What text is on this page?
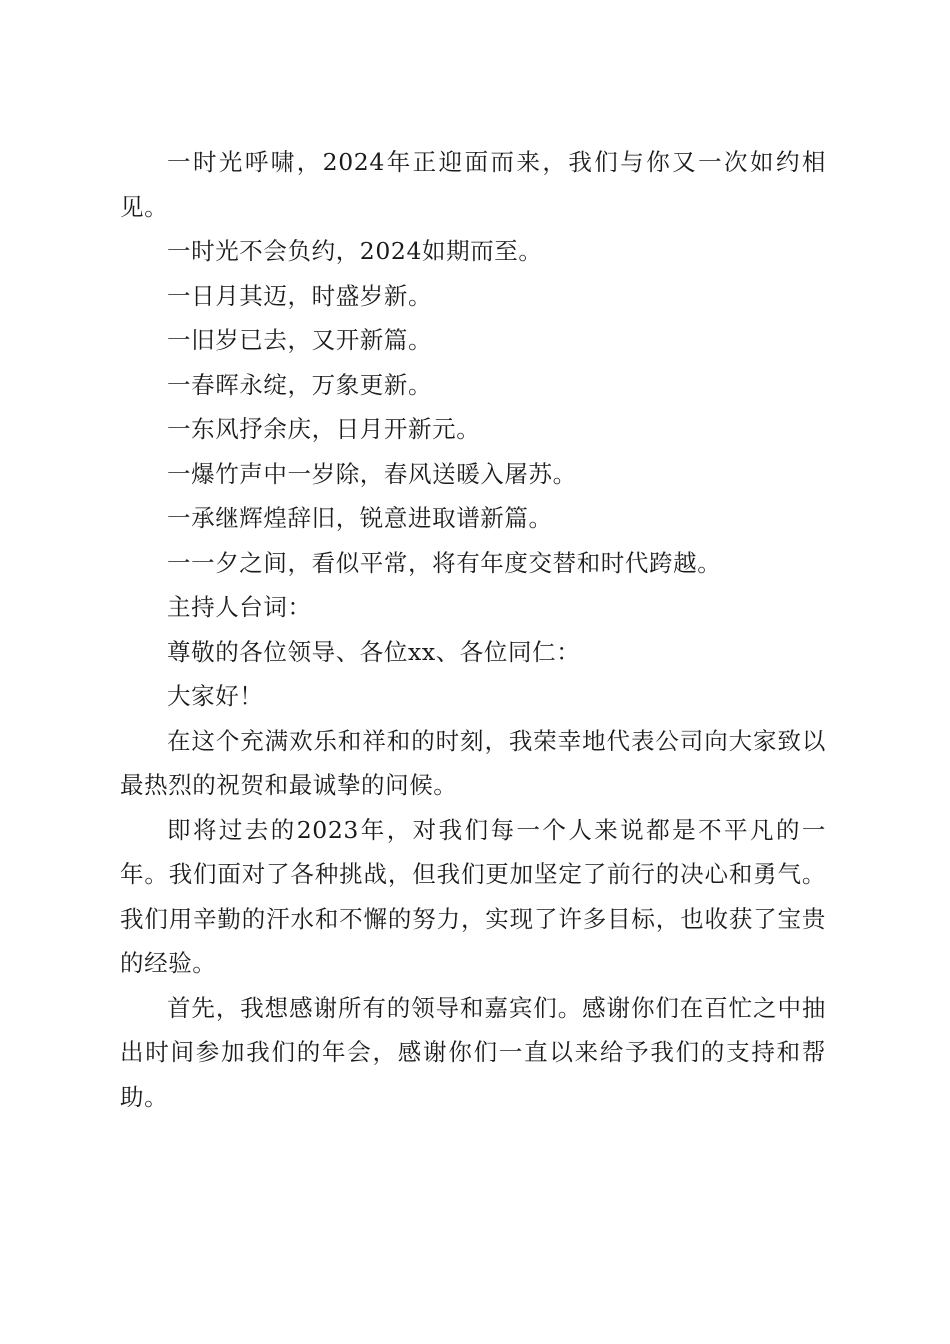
一时光呼啸，2024年正迎面而来，我们与你又一次如约相见。

一时光不会负约，2024如期而至。

一日月其迈，时盛岁新。

一旧岁已去，又开新篇。

一春晖永绽，万象更新。

一东风抒余庆，日月开新元。

一爆竹声中一岁除，春风送暖入屠苏。

一承继辉煌辞旧，锐意进取谱新篇。

一一夕之间，看似平常，将有年度交替和时代跨越。

主持人台词：

尊敬的各位领导、各位xx、各位同仁：

大家好！

在这个充满欢乐和祥和的时刻，我荣幸地代表公司向大家致以最热烈的祝贺和最诚挚的问候。

即将过去的2023年，对我们每一个人来说都是不平凡的一年。我们面对了各种挑战，但我们更加坚定了前行的决心和勇气。我们用辛勤的汗水和不懈的努力，实现了许多目标，也收获了宝贵的经验。

首先，我想感谢所有的领导和嘉宾们。感谢你们在百忙之中抽出时间参加我们的年会，感谢你们一直以来给予我们的支持和帮助。
